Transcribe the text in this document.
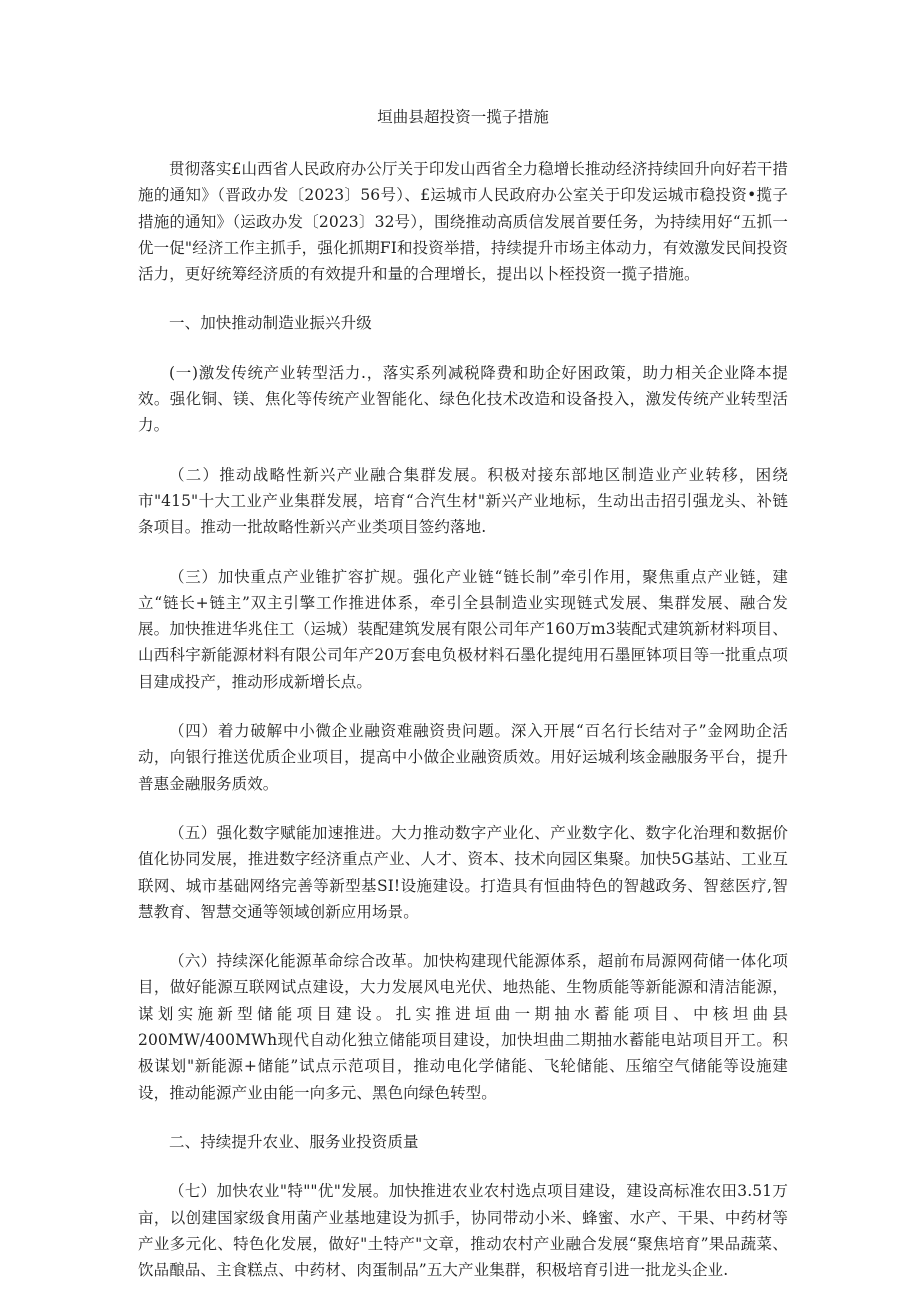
垣曲县超投资一揽子措施

贯彻落实£山西省人民政府办公厅关于印发山西省全力稳增长推动经济持续回升向好若干措施的通知》（晋政办发〔2023〕56号）、£运城市人民政府办公室关于印发运城市稳投资•揽子措施的通知》（运政办发〔2023〕32号），围绕推动高质信发展首要任务，为持续用好“五抓一优一促"经济工作主抓手，强化抓期FI和投资举措，持续提升市场主体动力，有效激发民间投资活力，更好统筹经济质的有效提升和量的合理增长，提出以卜桎投资一揽子措施。

一、加快推动制造业振兴升级

(一)激发传统产业转型活力.，落实系列减税降费和助企好困政策，助力相关企业降本提效。强化铜、镁、焦化等传统产业智能化、绿色化技术改造和设备投入，激发传统产业转型活力。

（二）推动战略性新兴产业融合集群发展。积极对接东部地区制造业产业转移，困绕市"415"十大工业产业集群发展，培育“合汽生材"新兴产业地标，生动出击招引强龙头、补链条项目。推动一批故略性新兴产业类项目签约落地.

（三）加快重点产业锥扩容扩规。强化产业链“链长制”牵引作用，聚焦重点产业链，建立“链长+链主”双主引擎工作推进体系，牵引全县制造业实现链式发展、集群发展、融合发展。加快推进华兆住工（运城）装配建筑发展有限公司年产160万m3装配式建筑新材料项目、山西科宇新能源材料有限公司年产20万套电负极材料石墨化提纯用石墨匣钵项目等一批重点项目建成投产，推动形成新增长点。

（四）着力破解中小微企业融资难融资贵问题。深入开展“百名行长结对子”金网助企活动，向银行推送优质企业项目，提高中小做企业融资质效。用好运城利垓金融服务平台，提升普惠金融服务质效。

（五）强化数字赋能加速推进。大力推动数字产业化、产业数字化、数字化治理和数据价值化协同发展，推进数字经济重点产业、人才、资本、技术向园区集聚。加快5G基站、工业互联网、城市基础网络完善等新型基SI!设施建设。打造具有恒曲特色的智越政务、智慈医疗,智慧教育、智慧交通等领域创新应用场景。

（六）持续深化能源革命综合改革。加快构建现代能源体系，超前布局源网荷储一体化项目，做好能源互联网试点建设，大力发展风电光伏、地热能、生物质能等新能源和清洁能源，谋划实施新型储能项目建设。扎实推进垣曲一期抽水蓄能项目、中核坦曲县200MW/400MWh现代自动化独立储能项目建设，加快坦曲二期抽水蓄能电站项目开工。积极谋划"新能源+储能”试点示范项目，推动电化学储能、飞轮储能、压缩空气储能等设施建设，推动能源产业由能一向多元、黑色向绿色转型。

二、持续提升农业、服务业投资质量

（七）加快农业"特""优"发展。加快推进农业农村选点项目建设，建设高标准农田3.51万亩，以创建国家级食用菌产业基地建设为抓手，协同带动小米、蜂蜜、水产、干果、中药材等产业多元化、特色化发展，做好"土特产"文章，推动农村产业融合发展“聚焦培育”果品蔬菜、饮品酿品、主食糕点、中药材、肉蛋制品”五大产业集群，积极培育引进一批龙头企业.
